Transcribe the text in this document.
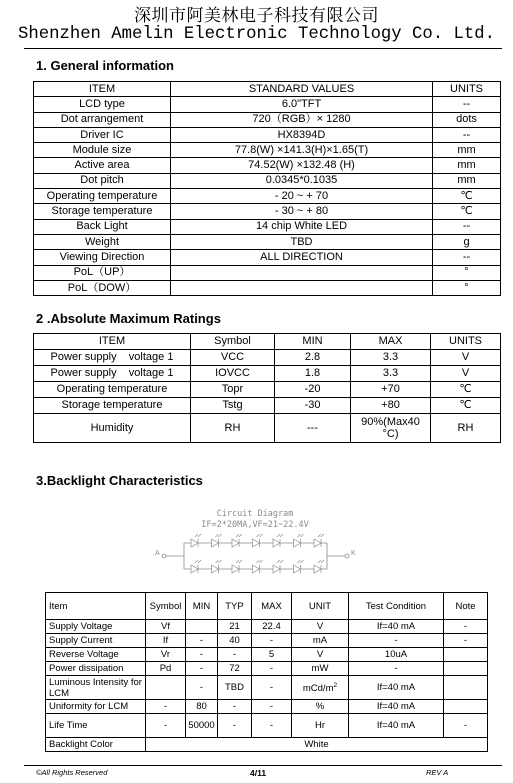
深圳市阿美林电子科技有限公司
Shenzhen Amelin Electronic Technology Co. Ltd.
1. General information
ITEM	STANDARD VALUES	UNITS
LCD type	6.0"TFT	--
Dot arrangement	720（RGB）× 1280	dots
Driver IC	HX8394D	--
Module size	77.8(W) ×141.3(H)×1.65(T)	mm
Active area	74.52(W) ×132.48 (H)	mm
Dot pitch	0.0345*0.1035	mm
Operating temperature	- 20 ~ + 70	℃
Storage temperature	- 30 ~ + 80	℃
Back Light	14 chip White LED	--
Weight	TBD	g
Viewing Direction	ALL DIRECTION	--
PoL（UP）		°
PoL（DOW）		°
2 .Absolute Maximum Ratings
ITEM	Symbol	MIN	MAX	UNITS
Power supply    voltage 1	VCC	2.8	3.3	V
Power supply    voltage 1	IOVCC	1.8	3.3	V
Operating temperature	Topr	-20	+70	℃
Storage temperature	Tstg	-30	+80	℃
Humidity	RH	---	90%(Max40 °C)	RH
3.Backlight Characteristics
Circuit Diagram
IF=2*20MA,VF=21~22.4V
A	K
Item	Symbol	MIN	TYP	MAX	UNIT	Test Condition	Note
Supply Voltage	Vf		21	22.4	V	If=40 mA	-
Supply Current	If	-	40	-	mA	-	-
Reverse Voltage	Vr	-	-	5	V	10uA	
Power dissipation	Pd	-	72	-	mW	-	
Luminous Intensity for LCM		-	TBD	-	mCd/$m^2$	If=40 mA	
Uniformity for LCM	-	80	-	-	%	If=40 mA	
Life Time	-	50000	-	-	Hr	If=40 mA	-
Backlight Color	White						
©All Rights Reserved	4/11	REV A
